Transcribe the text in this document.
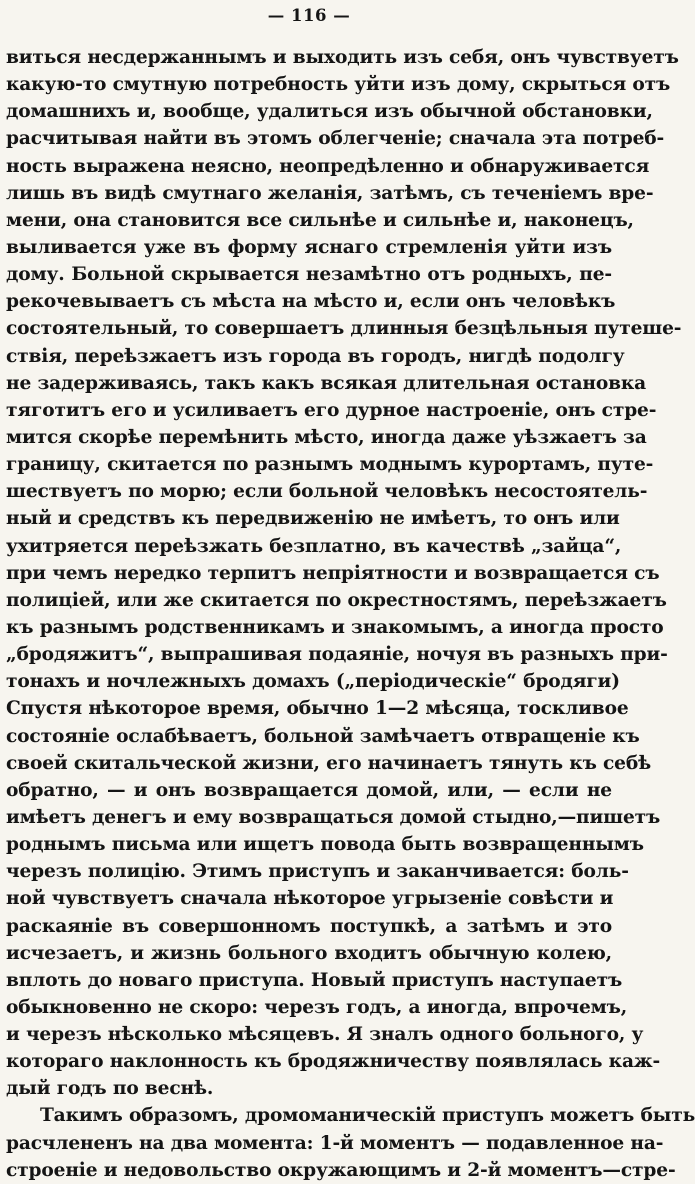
— 116 —
виться несдержаннымъ и выходить изъ себя, онъ чувствуетъ
какую-то смутную потребность уйти изъ дому, скрыться отъ
домашнихъ и, вообще, удалиться изъ обычной обстановки,
расчитывая найти въ этомъ облегченіе; сначала эта потреб-
ность выражена неясно, неопредѣленно и обнаруживается
лишь въ видѣ смутнаго желанія, затѣмъ, съ теченіемъ вре-
мени, она становится все сильнѣе и сильнѣе и, наконецъ,
выливается уже въ форму яснаго стремленія уйти изъ
дому. Больной скрывается незамѣтно отъ родныхъ, пе-
рекочевываетъ съ мѣста на мѣсто и, если онъ человѣкъ
состоятельный, то совершаетъ длинныя безцѣльныя путеше-
ствія, переѣзжаетъ изъ города въ городъ, нигдѣ подолгу
не задерживаясь, такъ какъ всякая длительная остановка
тяготитъ его и усиливаетъ его дурное настроеніе, онъ стре-
мится скорѣе перемѣнить мѣсто, иногда даже уѣзжаетъ за
границу, скитается по разнымъ моднымъ курортамъ, путе-
шествуетъ по морю; если больной человѣкъ несостоятель-
ный и средствъ къ передвиженію не имѣетъ, то онъ или
ухитряется переѣзжать безплатно, въ качествѣ „зайца“,
при чемъ нередко терпитъ непріятности и возвращается съ
полиціей, или же скитается по окрестностямъ, переѣзжаетъ
къ разнымъ родственникамъ и знакомымъ, а иногда просто
„бродяжитъ“, выпрашивая подаяніе, ночуя въ разныхъ при-
тонахъ и ночлежныхъ домахъ („періодическіе“ бродяги)
Спустя нѣкоторое время, обычно 1—2 мѣсяца, тоскливое
состояніе ослабѣваетъ, больной замѣчаетъ отвращеніе къ
своей скитальческой жизни, его начинаетъ тянуть къ себѣ
обратно, — и онъ возвращается домой, или, — если не
имѣетъ денегъ и ему возвращаться домой стыдно,—пишетъ
роднымъ письма или ищетъ повода быть возвращеннымъ
черезъ полицію. Этимъ приступъ и заканчивается: боль-
ной чувствуетъ сначала нѣкоторое угрызеніе совѣсти и
раскаяніе въ совершонномъ поступкѣ, а затѣмъ и это
исчезаетъ, и жизнь больного входитъ обычную колею,
вплоть до новаго приступа. Новый приступъ наступаетъ
обыкновенно не скоро: черезъ годъ, а иногда, впрочемъ,
и черезъ нѣсколько мѣсяцевъ. Я зналъ одного больного, у
котораго наклонность къ бродяжничеству появлялась каж-
дый годъ по веснѣ.
Такимъ образомъ, дромоманическій приступъ можетъ быть
расчлененъ на два момента: 1-й моментъ — подавленное на-
строеніе и недовольство окружающимъ и 2-й моментъ—стре-
